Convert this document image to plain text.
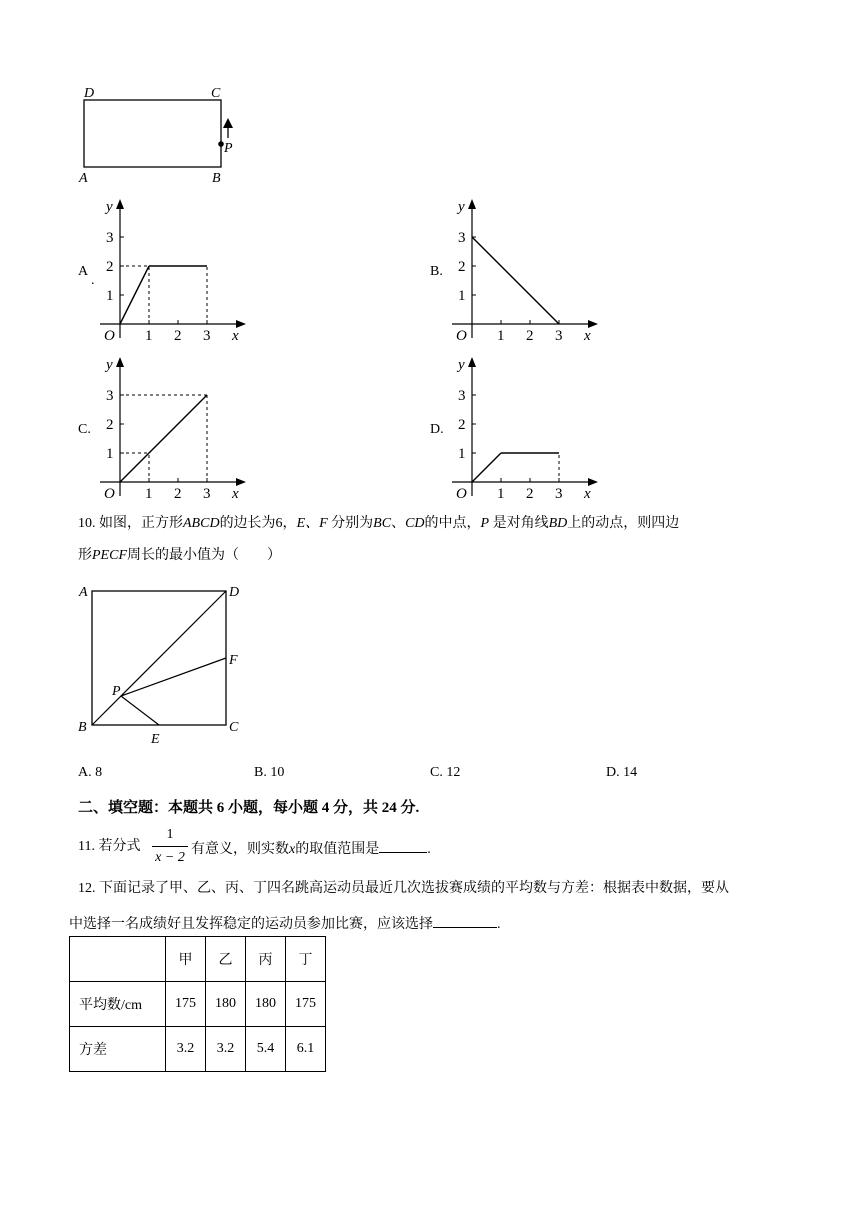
D	C
A	B
P
A
.
1
1
2
2
3
3
O	x
y
B.
1
1
2
2
3
3
O	x
y
C.
1
1
2
2
3
3
O	x
y
D.
1
1
2
2
3
3
O	x
y
10. 如图，正方形ABCD的边长为6，E、F 分别为BC、CD的中点，P 是对角线BD上的动点，则四边
形PECF周长的最小值为（　　）
A	D
F
P
B	C
E
A. 8	B. 10	C. 12	D. 14
二、填空题：本题共 6 小题，每小题 4 分，共 24 分.
11. 若分式
1
x − 2
有意义，则实数x的取值范围是	.
12. 下面记录了甲、乙、丙、丁四名跳高运动员最近几次选拔赛成绩的平均数与方差：根据表中数据，要从
中选择一名成绩好且发挥稳定的运动员参加比赛，应该选择	.
	甲	乙	丙	丁
平均数/cm	175	180	180	175
方差	3.2	3.2	5.4	6.1
